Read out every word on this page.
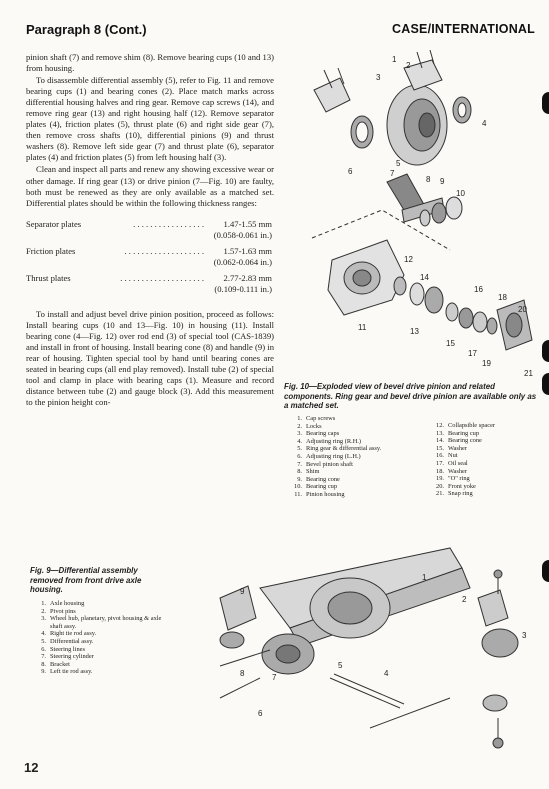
Paragraph 8 (Cont.)	CASE/INTERNATIONAL

pinion shaft (7) and remove shim (8). Remove bearing cups (10 and 13) from housing.

To disassemble differential assembly (5), refer to Fig. 11 and remove bearing cups (1) and bearing cones (2). Place match marks across differential housing halves and ring gear. Remove cap screws (14), and remove ring gear (13) and right housing half (12). Remove separator plates (4), friction plates (5), thrust plate (6) and right side gear (7), then remove cross shafts (10), differential pinions (9) and thrust washers (8). Remove left side gear (7) and thrust plate (6), separator plates (4) and friction plates (5) from left housing half (3).

Clean and inspect all parts and renew any showing excessive wear or other damage. If ring gear (13) or drive pinion (7—Fig. 10) are faulty, both must be renewed as they are only available as a matched set. Differential plates should be within the following thickness ranges:

Separator plates	. . . . . . . . . . . . . . . . .	1.47-1.55 mm
(0.058-0.061 in.)
Friction plates	. . . . . . . . . . . . . . . . . . .	1.57-1.63 mm
(0.062-0.064 in.)
Thrust plates	. . . . . . . . . . . . . . . . . . . .	2.77-2.83 mm
(0.109-0.111 in.)

To install and adjust bevel drive pinion position, proceed as follows: Install bearing cups (10 and 13—Fig. 10) in housing (11). Install bearing cone (4—Fig. 12) over rod end (3) of special tool (CAS-1839) and install in front of housing. Install bearing cone (8) and handle (9) in rear of housing. Tighten special tool by hand until bearing cones are seated in bearing cups (all end play removed). Install tube (2) of special tool and clamp in place with bearing caps (1). Measure and record distance between tube (2) and gauge block (3). Add this measurement to the pinion height con-

1
2
3
4
5
6	7
8 9
10
11
12
13
14
15
16
17
18
19
20
21
Fig. 10—Exploded view of bevel drive pinion and related components. Ring gear and bevel drive pinion are available only as a matched set.
1. Cap screws
2. Locks
3. Bearing caps
4. Adjusting ring (R.H.)
5. Ring gear & differential assy.
6. Adjusting ring (L.H.)
7. Bevel pinion shaft
8. Shim
9. Bearing cone
10. Bearing cup
11. Pinion housing
12. Collapsible spacer
13. Bearing cup
14. Bearing cone
15. Washer
16. Nut
17. Oil seal
18. Washer
19. "O" ring
20. Front yoke
21. Snap ring
1
2
3
4
5
6
7
8
9
Fig. 9—Differential assembly removed from front drive axle housing.
1. Axle housing
2. Pivot pins
3. Wheel hub, planetary, pivot housing & axle shaft assy.
4. Right tie rod assy.
5. Differential assy.
6. Steering lines
7. Steering cylinder
8. Bracket
9. Left tie rod assy.
12
